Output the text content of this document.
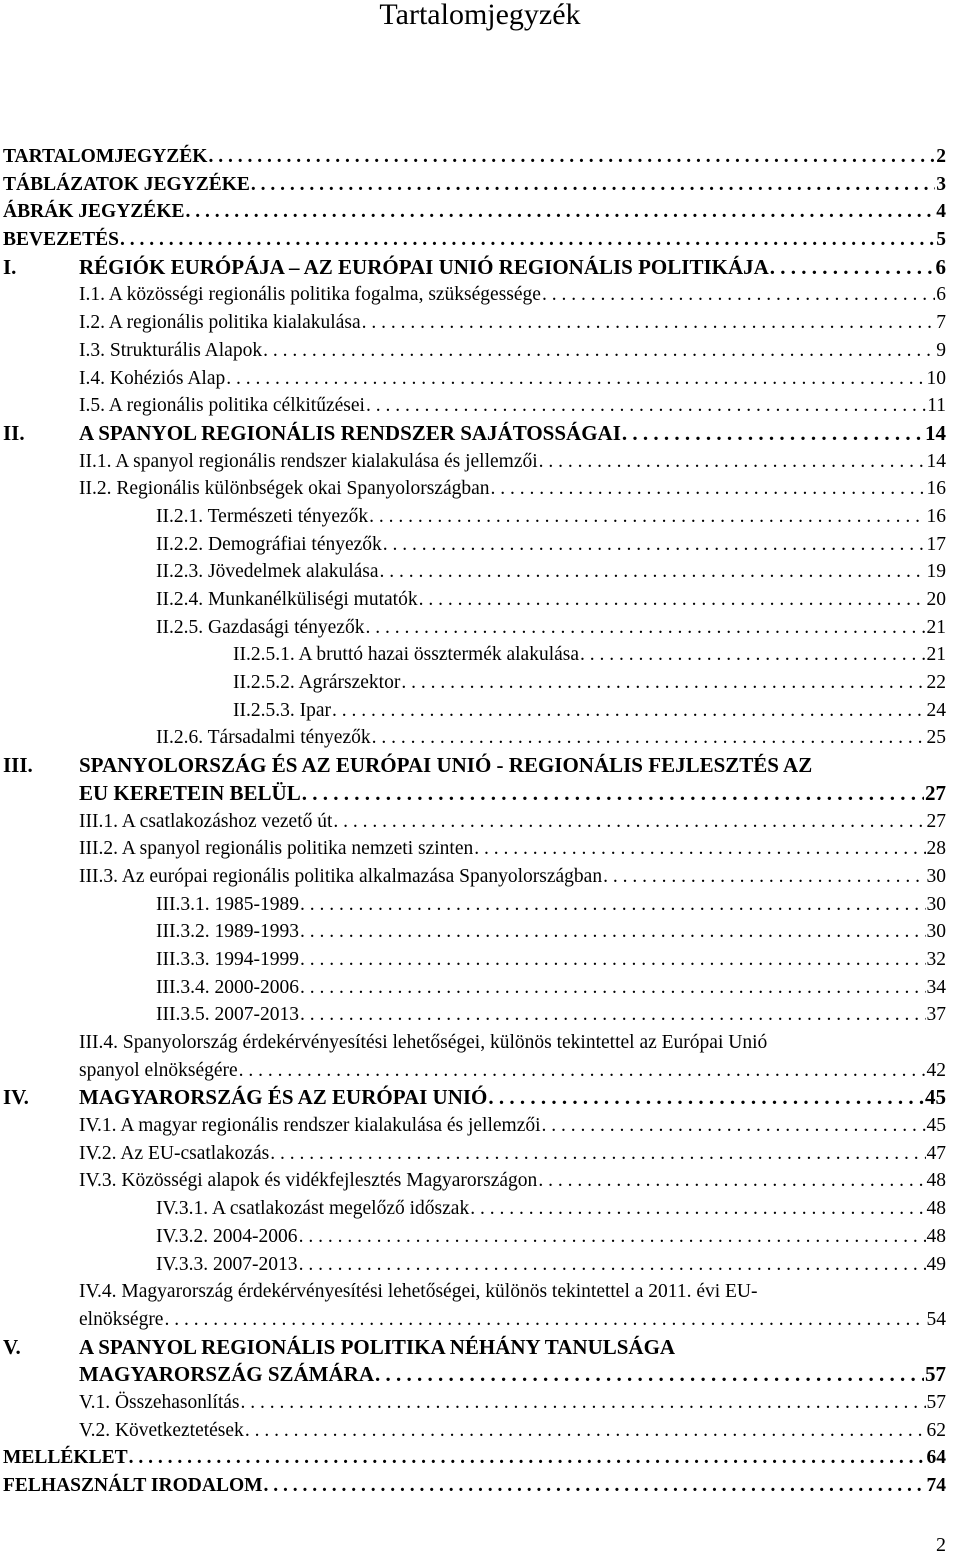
Tartalomjegyzék
TARTALOMJEGYZÉK . . .	2
TÁBLÁZATOK JEGYZÉKE . . .	3
ÁBRÁK JEGYZÉKE . . .	4
BEVEZETÉS . . .	5
I.	RÉGIÓK EURÓPÁJA – AZ EURÓPAI UNIÓ REGIONÁLIS POLITIKÁJA . . .	6
I.1. A közösségi regionális politika fogalma, szükségessége . . .	6
I.2. A regionális politika kialakulása . . .	7
I.3. Strukturális Alapok . . .	9
I.4. Kohéziós Alap . . .	10
I.5. A regionális politika célkitűzései . . .	11
II.	A SPANYOL REGIONÁLIS RENDSZER SAJÁTOSSÁGAI . . .	14
II.1. A spanyol regionális rendszer kialakulása és jellemzői . . .	14
II.2. Regionális különbségek okai Spanyolországban . . .	16
II.2.1. Természeti tényezők . . .	16
II.2.2. Demográfiai tényezők . . .	17
II.2.3. Jövedelmek alakulása . . .	19
II.2.4. Munkanélküliségi mutatók . . .	20
II.2.5. Gazdasági tényezők . . .	21
II.2.5.1. A bruttó hazai össztermék alakulása . . .	21
II.2.5.2. Agrárszektor . . .	22
II.2.5.3. Ipar . . .	24
II.2.6. Társadalmi tényezők . . .	25
III. SPANYOLORSZÁG ÉS AZ EURÓPAI UNIÓ - REGIONÁLIS FEJLESZTÉS AZ
EU KERETEIN BELÜL . . .	27
III.1. A csatlakozáshoz vezető út . . .	27
III.2. A spanyol regionális politika nemzeti szinten . . .	28
III.3. Az európai regionális politika alkalmazása Spanyolországban . . .	30
III.3.1. 1985-1989 . . .	30
III.3.2. 1989-1993 . . .	30
III.3.3. 1994-1999 . . .	32
III.3.4. 2000-2006 . . .	34
III.3.5. 2007-2013 . . .	37
III.4. Spanyolország érdekérvényesítési lehetőségei, különös tekintettel az Európai Unió
spanyol elnökségére . . .	42
IV. MAGYARORSZÁG ÉS AZ EURÓPAI UNIÓ . . .	45
IV.1. A magyar regionális rendszer kialakulása és jellemzői . . .	45
IV.2. Az EU-csatlakozás . . .	47
IV.3. Közösségi alapok és vidékfejlesztés Magyarországon . . .	48
IV.3.1. A csatlakozást megelőző időszak . . .	48
IV.3.2. 2004-2006 . . .	48
IV.3.3. 2007-2013 . . .	49
IV.4. Magyarország érdekérvényesítési lehetőségei, különös tekintettel a 2011. évi EU-
elnökségre . . .	54
V.	A SPANYOL REGIONÁLIS POLITIKA NÉHÁNY TANULSÁGA
MAGYARORSZÁG SZÁMÁRA . . .	57
V.1. Összehasonlítás . . .	57
V.2. Következtetések . . .	62
MELLÉKLET . . .	64
FELHASZNÁLT IRODALOM . . .	74
2
